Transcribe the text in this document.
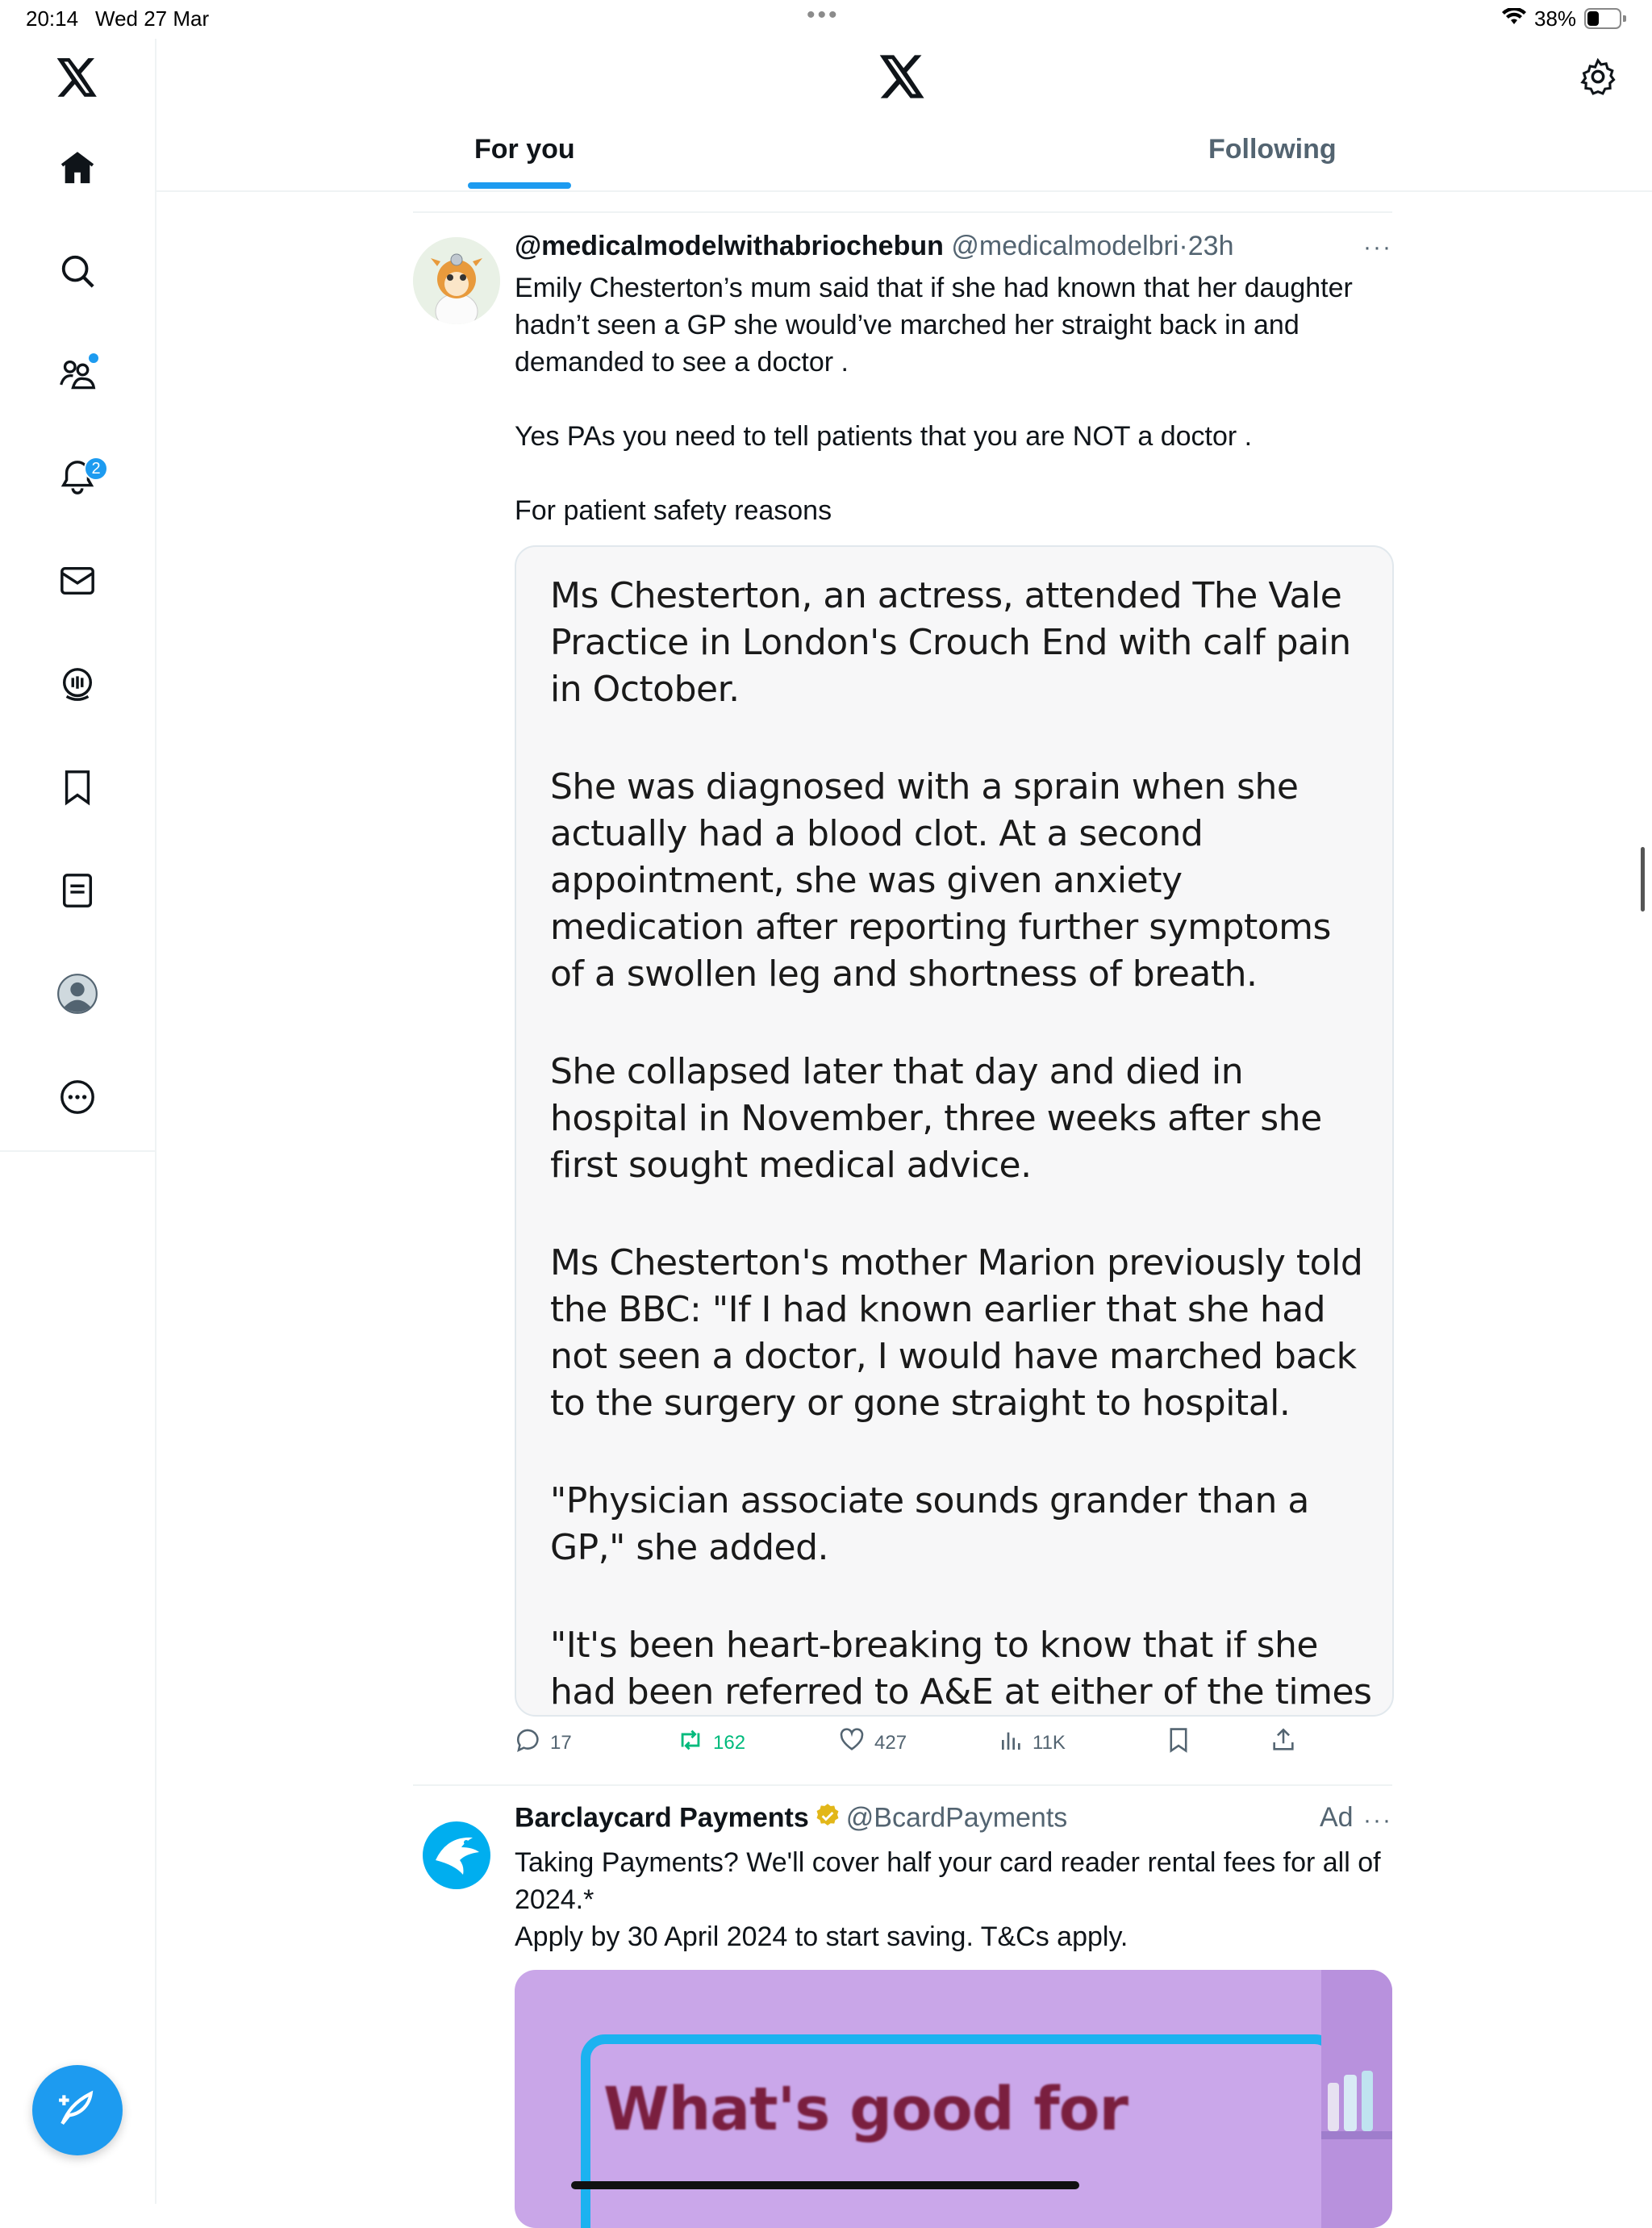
20:14 Wed 27 Mar	•••	38%
2
For you	Following
@medicalmodelwithabriochebun @medicalmodelbri·23h	···

Emily Chesterton’s mum said that if she had known that her daughter hadn’t seen a GP she would’ve marched her straight back in and demanded to see a doctor .

Yes PAs you need to tell patients that you are NOT a doctor .

For patient safety reasons

Ms Chesterton, an actress, attended The Vale Practice in London's Crouch End with calf pain in October.

She was diagnosed with a sprain when she actually had a blood clot. At a second appointment, she was given anxiety medication after reporting further symptoms of a swollen leg and shortness of breath.

She collapsed later that day and died in hospital in November, three weeks after she first sought medical advice.

Ms Chesterton's mother Marion previously told the BBC: "If I had known earlier that she had not seen a doctor, I would have marched back to the surgery or gone straight to hospital.

"Physician associate sounds grander than a GP," she added.

"It's been heart-breaking to know that if she had been referred to A&E at either of the times

17	162	427	11K
Barclaycard Payments @BcardPayments	Ad ···

Taking Payments? We'll cover half your card reader rental fees for all of 2024.*

Apply by 30 April 2024 to start saving. T&Cs apply.

What's good for
